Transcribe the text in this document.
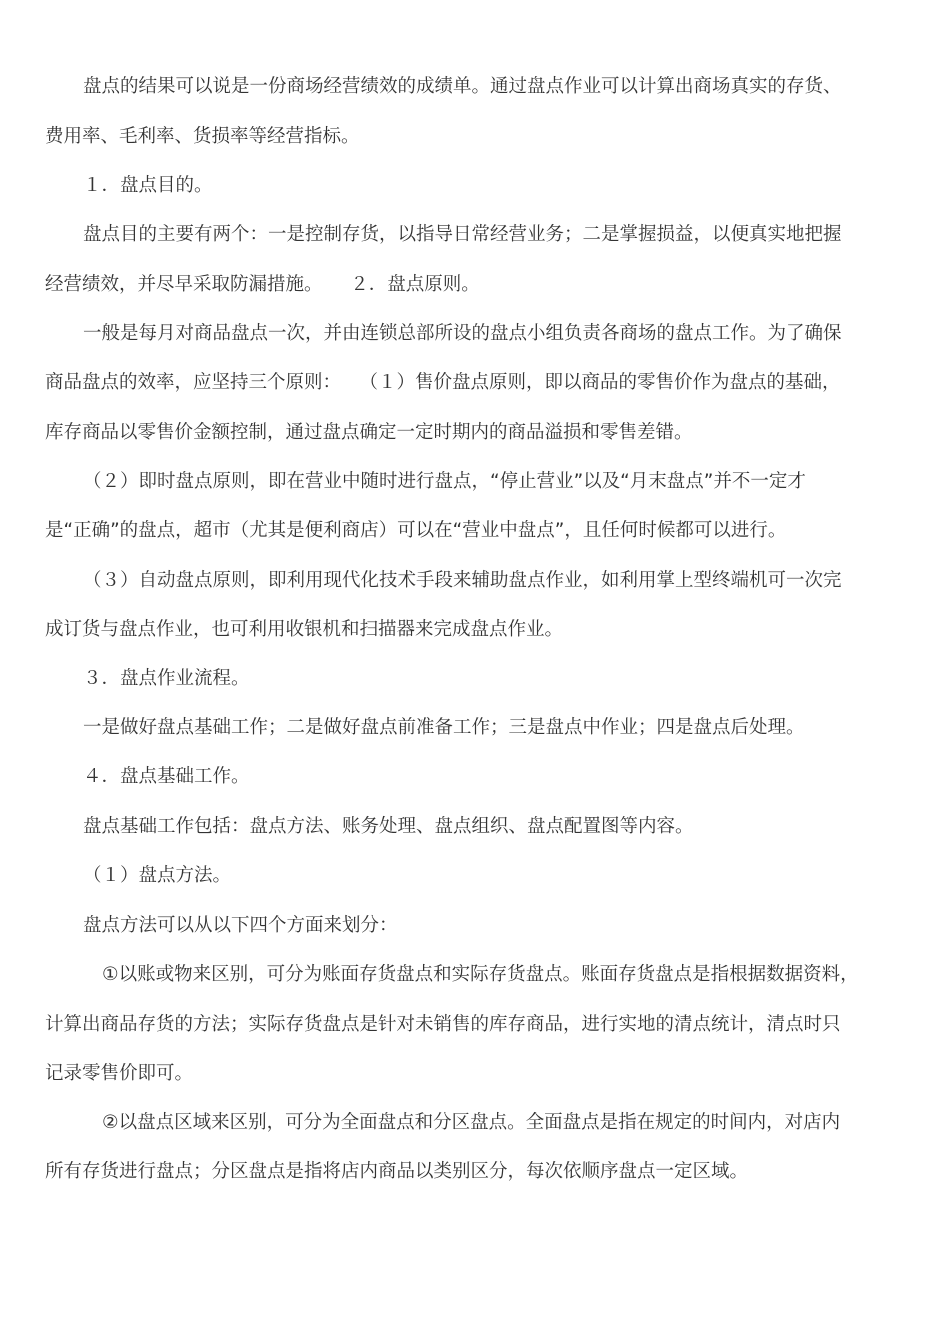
盘点的结果可以说是一份商场经营绩效的成绩单。通过盘点作业可以计算出商场真实的存货、
费用率、毛利率、货损率等经营指标。
１．盘点目的。
盘点目的主要有两个：一是控制存货，以指导日常经营业务；二是掌握损益，以便真实地把握
经营绩效，并尽早采取防漏措施。　　２．盘点原则。
一般是每月对商品盘点一次，并由连锁总部所设的盘点小组负责各商场的盘点工作。为了确保
商品盘点的效率，应坚持三个原则：　　（１）售价盘点原则，即以商品的零售价作为盘点的基础，
库存商品以零售价金额控制，通过盘点确定一定时期内的商品溢损和零售差错。
（２）即时盘点原则，即在营业中随时进行盘点，“停止营业”以及“月末盘点”并不一定才
是“正确”的盘点，超市（尤其是便利商店）可以在“营业中盘点”，且任何时候都可以进行。
（３）自动盘点原则，即利用现代化技术手段来辅助盘点作业，如利用掌上型终端机可一次完
成订货与盘点作业，也可利用收银机和扫描器来完成盘点作业。
３．盘点作业流程。
一是做好盘点基础工作；二是做好盘点前准备工作；三是盘点中作业；四是盘点后处理。
４．盘点基础工作。
盘点基础工作包括：盘点方法、账务处理、盘点组织、盘点配置图等内容。
（１）盘点方法。
盘点方法可以从以下四个方面来划分：
①以账或物来区别，可分为账面存货盘点和实际存货盘点。账面存货盘点是指根据数据资料，
计算出商品存货的方法；实际存货盘点是针对未销售的库存商品，进行实地的清点统计，清点时只
记录零售价即可。
②以盘点区域来区别，可分为全面盘点和分区盘点。全面盘点是指在规定的时间内，对店内
所有存货进行盘点；分区盘点是指将店内商品以类别区分，每次依顺序盘点一定区域。
